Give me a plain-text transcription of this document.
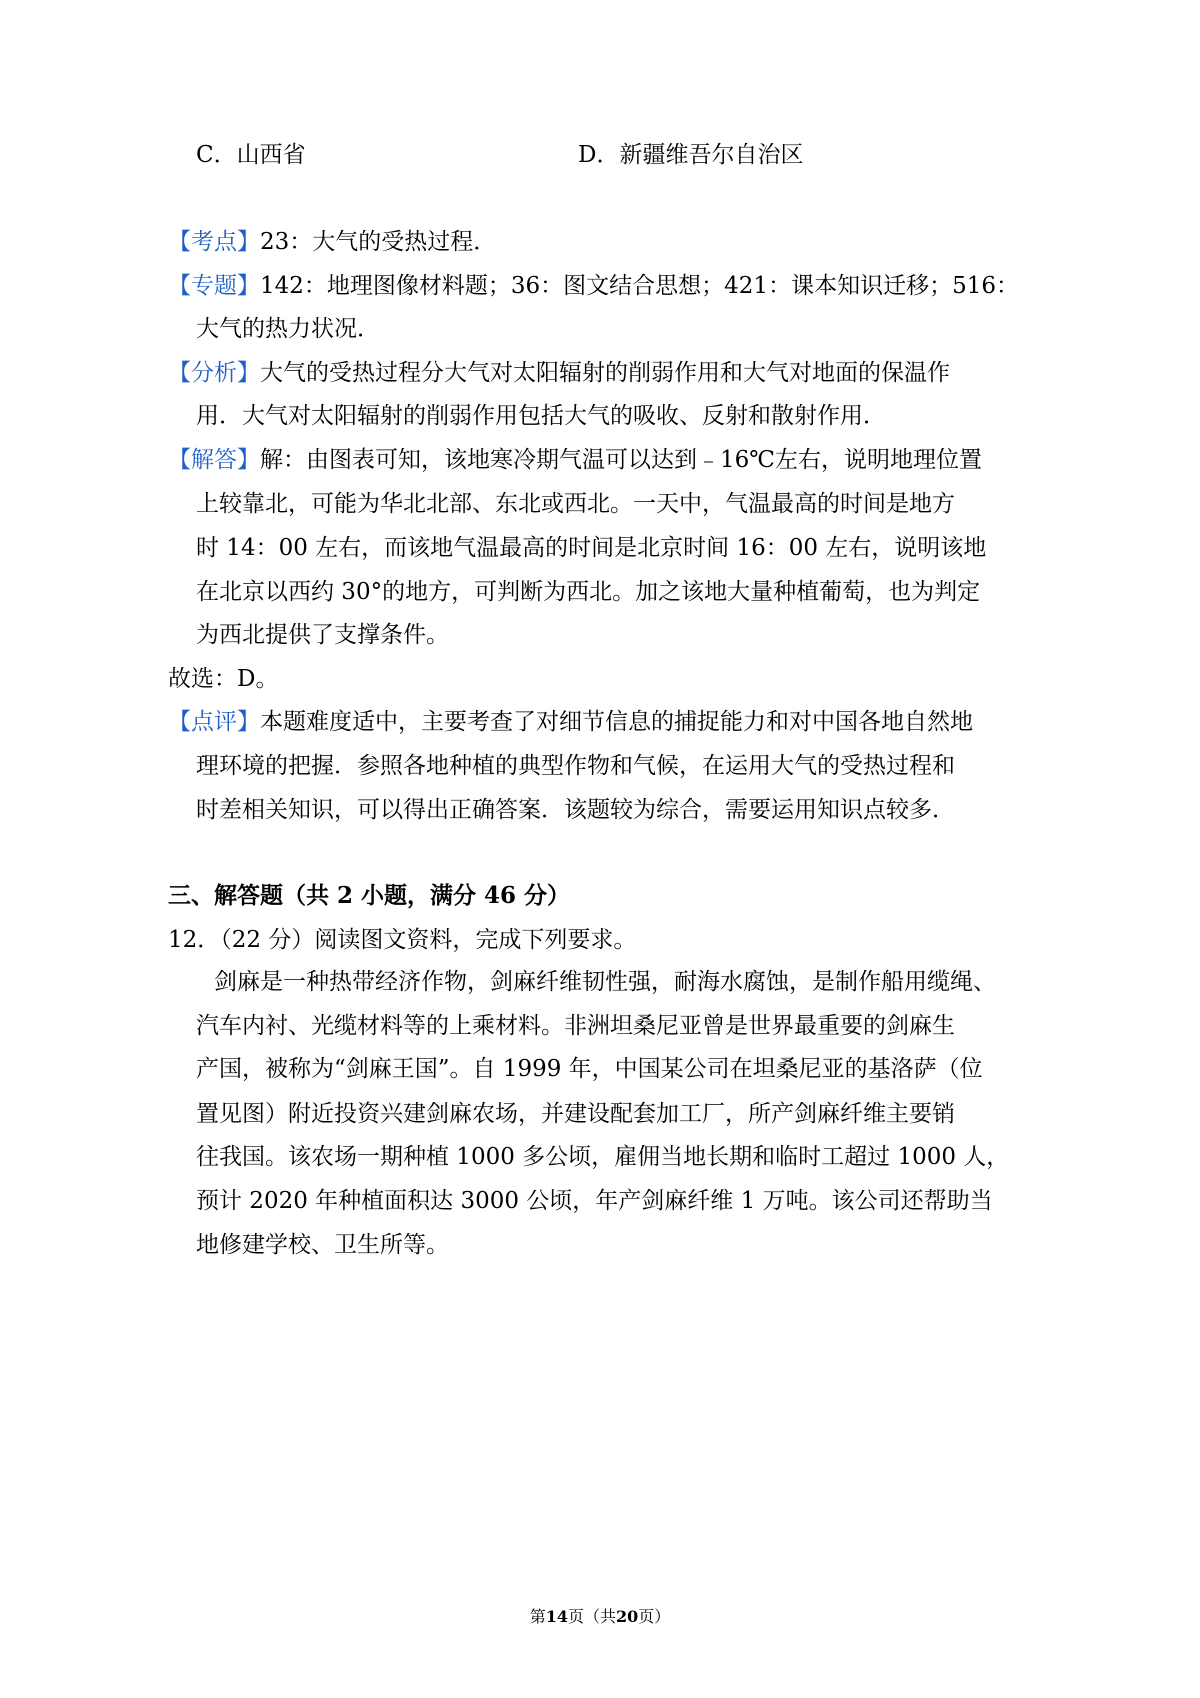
C．山西省	D．新疆维吾尔自治区
【考点】23：大气的受热过程．
【专题】142：地理图像材料题；36：图文结合思想；421：课本知识迁移；516：
大气的热力状况．
【分析】大气的受热过程分大气对太阳辐射的削弱作用和大气对地面的保温作
用．大气对太阳辐射的削弱作用包括大气的吸收、反射和散射作用．
【解答】解：由图表可知，该地寒冷期气温可以达到﹣16℃左右，说明地理位置
上较靠北，可能为华北北部、东北或西北。一天中，气温最高的时间是地方
时 14：00 左右，而该地气温最高的时间是北京时间 16：00 左右，说明该地
在北京以西约 30°的地方，可判断为西北。加之该地大量种植葡萄，也为判定
为西北提供了支撑条件。
故选：D。
【点评】本题难度适中，主要考查了对细节信息的捕捉能力和对中国各地自然地
理环境的把握．参照各地种植的典型作物和气候，在运用大气的受热过程和
时差相关知识，可以得出正确答案．该题较为综合，需要运用知识点较多．
三、解答题（共 2 小题，满分 46 分）
12．（22 分）阅读图文资料，完成下列要求。
剑麻是一种热带经济作物，剑麻纤维韧性强，耐海水腐蚀，是制作船用缆绳、
汽车内衬、光缆材料等的上乘材料。非洲坦桑尼亚曾是世界最重要的剑麻生
产国，被称为“剑麻王国”。自 1999 年，中国某公司在坦桑尼亚的基洛萨（位
置见图）附近投资兴建剑麻农场，并建设配套加工厂，所产剑麻纤维主要销
往我国。该农场一期种植 1000 多公顷，雇佣当地长期和临时工超过 1000 人，
预计 2020 年种植面积达 3000 公顷，年产剑麻纤维 1 万吨。该公司还帮助当
地修建学校、卫生所等。
第14页（共20页）
